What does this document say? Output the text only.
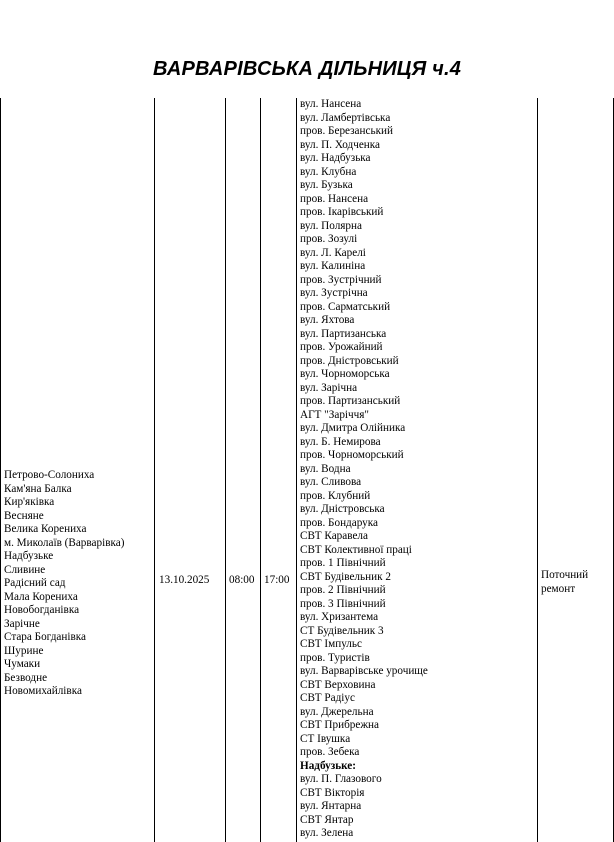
ВАРВАРІВСЬКА ДІЛЬНИЦЯ ч.4
Петрово-Солониха
Кам'яна Балка
Кир'яківка
Весняне
Велика Корениха
м. Миколаїв (Варварівка)
Надбузьке
Сливине
Радісний сад
Мала Корениха
Новобогданівка
Зарічне
Стара Богданівка
Шурине
Чумаки
Безводне
Новомихайлівка
13.10.2025 08:00 17:00
вул. Нансена
вул. Ламбертівська
пров. Березанський
вул. П. Ходченка
вул. Надбузька
вул. Клубна
вул. Бузька
пров. Нансена
пров. Ікарівський
вул. Полярна
пров. Зозулі
вул. Л. Карелі
вул. Калиніна
пров. Зустрічний
вул. Зустрічна
пров. Сарматський
вул. Яхтова
вул. Партизанська
пров. Урожайний
пров. Дністровський
вул. Чорноморська
вул. Зарічна
пров. Партизанський
АГТ "Заріччя"
вул. Дмитра Олійника
вул. Б. Немирова
пров. Чорноморський
вул. Водна
вул. Сливова
пров. Клубний
вул. Дністровська
пров. Бондарука
СВТ Каравела
СВТ Колективної праці
пров. 1 Північний
СВТ Будівельник 2
пров. 2 Північний
пров. 3 Північний
вул. Хризантема
СТ Будівельник 3
СВТ Імпульс
пров. Туристів
вул. Варварівське урочище
СВТ Верховина
СВТ Радіус
вул. Джерельна
СВТ Прибрежна
СТ Івушка
пров. Зебека
Надбузьке:
вул. П. Глазового
СВТ Вікторія
вул. Янтарна
СВТ Янтар
вул. Зелена
Поточний
ремонт
